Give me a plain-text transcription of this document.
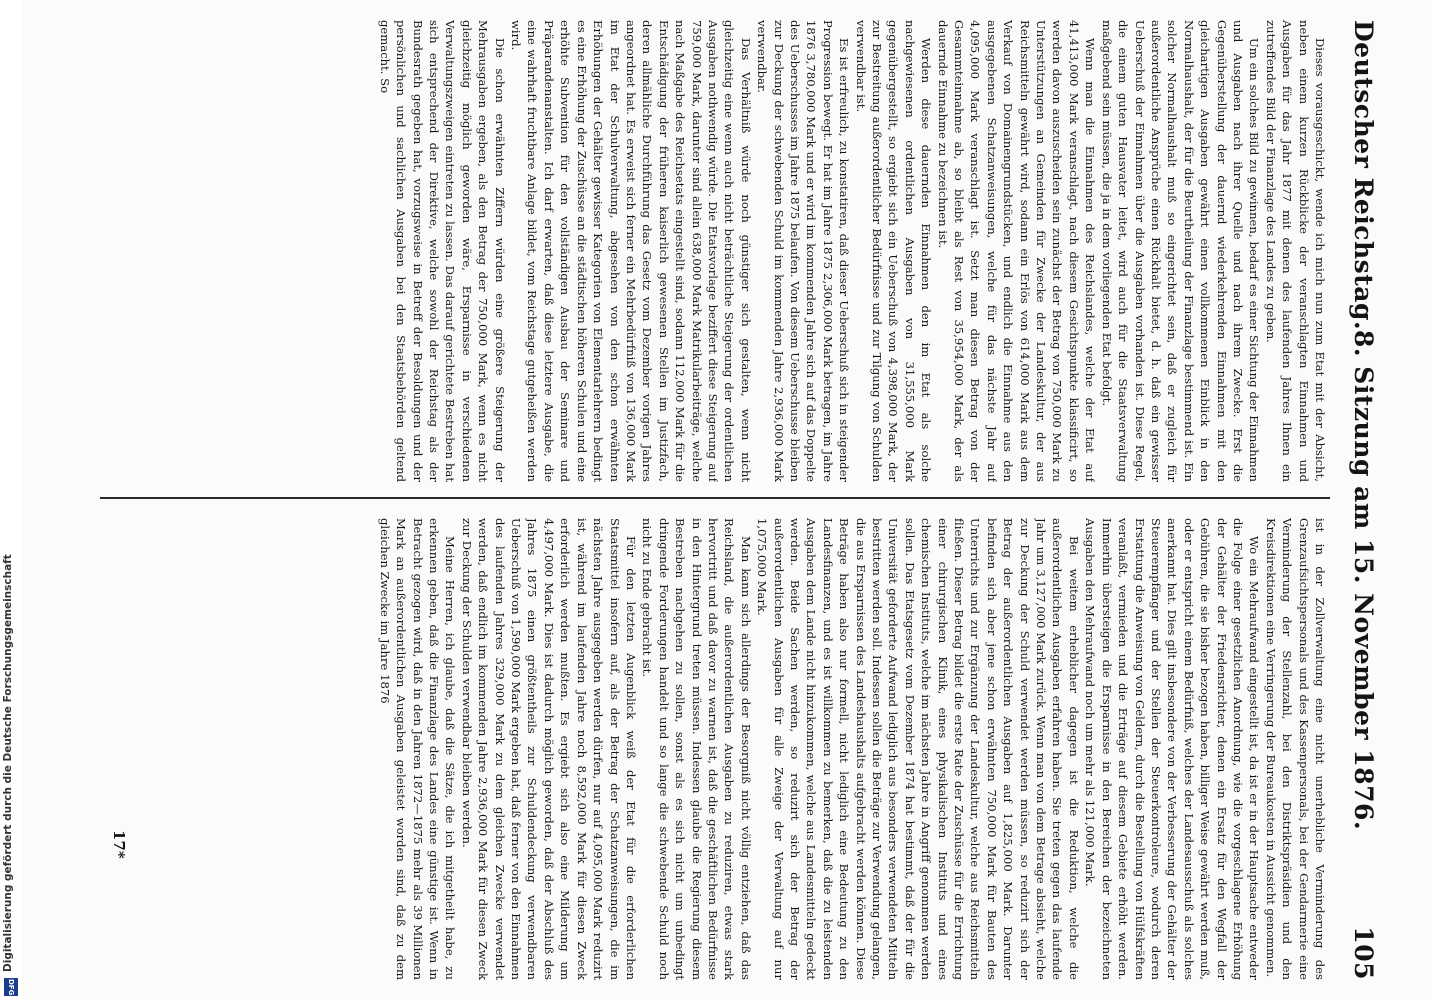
Digitalisierung gefördert durch die Deutsche Forschungsgemeinschaft
DFG
Deutscher Reichstag.
8. Sitzung am 15. November 1876.
105

Dieses vorausgeschickt, wende ich mich nun zum Etat mit der Absicht, neben einem kurzen Rückblicke der veranschlagten Einnahmen und Ausgaben für das Jahr 1877 mit denen des laufenden Jahres Ihnen ein zutreffendes Bild der Finanzlage des Landes zu geben.

Um ein solches Bild zu gewinnen, bedarf es einer Sichtung der Einnahmen und Ausgaben nach ihrer Quelle und nach ihrem Zwecke. Erst die Gegenüberstellung der dauernd wiederkehrenden Einnahmen mit den gleichartigen Ausgaben gewährt einen vollkommenen Einblick in den Normalhaushalt, der für die Beurtheilung der Finanzlage bestimmend ist. Ein solcher Normalhaushalt muß so eingerichtet sein, daß er zugleich für außerordentliche Ansprüche einen Rückhalt bietet, d. h. daß ein gewisser Ueberschuß der Einnahmen über die Ausgaben vorhanden ist. Diese Regel, die einem guten Hausvater leitet, wird auch für die Staatsverwaltung maßgebend sein müssen, die ja in dem vorliegenden Etat befolgt.

Wenn man die Einnahmen des Reichslandes, welche der Etat auf 41,413,000 Mark veranschlagt, nach diesem Gesichtspunkte klassificirt, so werden davon auszuscheiden sein zunächst der Betrag von 750,000 Mark zu Unterstützungen an Gemeinden für Zwecke der Landeskultur, der aus Reichsmitteln gewährt wird, sodann ein Erlös von 614,000 Mark aus dem Verkauf von Domainengrundstücken, und endlich die Einnahme aus den ausgegebenen Schatzanweisungen, welche für das nächste Jahr auf 4,095,000 Mark veranschlagt ist. Setzt man diesen Betrag von der Gesammteinnahme ab, so bleibt als Rest von 35,954,000 Mark, der als dauernde Einnahme zu bezeichnen ist.

Werden diese dauernden Einnahmen den im Etat als solche nachgewiesenen ordentlichen Ausgaben von 31,555,000 Mark gegenübergestellt, so ergiebt sich ein Ueberschuß von 4,398,000 Mark, der zur Bestreitung außerordentlicher Bedürfnisse und zur Tilgung von Schulden verwendbar ist.

Es ist erfreulich, zu konstatiren, daß dieser Ueberschuß sich in steigender Progression bewegt. Er hat im Jahre 1875 2,306,000 Mark betragen, im Jahre 1876 3,780,000 Mark und er wird im kommenden Jahre sich auf das Doppelte des Ueberschusses im Jahre 1875 belaufen. Von diesem Ueberschusse bleiben zur Deckung der schwebenden Schuld im kommenden Jahre 2,936,000 Mark verwendbar.

Das Verhältniß würde noch günstiger sich gestalten, wenn nicht gleichzeitig eine wenn auch nicht beträchtliche Steigerung der ordentlichen Ausgaben nothwendig würde. Die Etatsvorlage beziffert diese Steigerung auf 759,000 Mark, darunter sind allein 638,000 Mark Matrikularbeiträge, welche nach Maßgabe des Reichsetats eingestellt sind, sodann 112,000 Mark für die Entschädigung der früheren kaiserlich gewesenen Stellen im Justizfach, deren allmähliche Durchführung das Gesetz vom Dezember vorigen Jahres angeordnet hat. Es erweist sich ferner ein Mehrbedürfniß von 136,000 Mark im Etat der Schulverwaltung, abgesehen von den schon erwähnten Erhöhungen der Gehälter gewisser Kategorien von Elementarlehrern bedingt es eine Erhöhung der Zuschüsse an die städtischen höheren Schulen und eine erhöhte Subvention für den vollständigen Ausbau der Seminare und Präparandenanstalten. Ich darf erwarten, daß diese letztere Ausgabe, die eine wahrhaft fruchtbare Anlage bildet, vom Reichstage gutgeheißen werden wird.

Die schon erwähnten Ziffern würden eine größere Steigerung der Mehrausgaben ergeben, als den Betrag der 750,000 Mark, wenn es nicht gleichzeitig möglich geworden wäre, Ersparnisse in verschiedenen Verwaltungszweigen eintreten zu lassen. Das darauf gerichtete Bestreben hat sich entsprechend der Direktive, welche sowohl der Reichstag als der Bundesrath gegeben hat, vorzugsweise in Betreff der Besoldungen und der persönlichen und sachlichen Ausgaben bei den Staatsbehörden geltend gemacht. So

ist in der Zollverwaltung eine nicht unerhebliche Verminderung des Grenzaufsichtspersonals und des Kassenpersonals, bei der Gendarmerie eine Verminderung der Stellenzahl, bei den Distriktspräsidien und den Kreisdirektionen eine Verringerung der Bureaukosten in Aussicht genommen.

Wo ein Mehraufwand eingestellt ist, da ist er in der Hauptsache entweder die Folge einer gesetzlichen Anordnung, wie die vorgeschlagene Erhöhung der Gehälter der Friedensrichter, denen ein Ersatz für den Wegfall der Gebühren, die sie bisher bezogen haben, billiger Weise gewährt werden muß, oder er entspricht einem Bedürfniß, welches der Landesausschuß als solches anerkannt hat. Dies gilt insbesondere von der Verbesserung der Gehälter der Steuerempfänger und der Stellen der Steuerkontroleure, wodurch deren Erstattung die Anweisung von Geldern, durch die Bestellung von Hülfskräften veranlaßt, vermieden und die Erträge auf diesem Gebiete erhöht werden. Immerhin übersteigen die Ersparnisse in den Bereichen der bezeichneten Ausgaben den Mehraufwand noch um mehr als 121,000 Mark.

Bei weitem erheblicher dagegen ist die Reduktion, welche die außerordentlichen Ausgaben erfahren haben. Sie treten gegen das laufende Jahr um 3,127,000 Mark zurück. Wenn man von dem Betrage absieht, welche zur Deckung der Schuld verwendet werden müssen, so reduzirt sich der Betrag der außerordentlichen Ausgaben auf 1,825,000 Mark. Darunter befinden sich aber jene schon erwähnten 750,000 Mark für Bauten des Unterrichts und zur Ergänzung der Landeskultur, welche aus Reichsmitteln fließen. Dieser Betrag bildet die erste Rate der Zuschüsse für die Errichtung einer chirurgischen Klinik, eines physikalischen Instituts und eines chemischen Instituts, welche im nächsten Jahre in Angriff genommen werden sollen. Das Etatsgesetz vom Dezember 1874 hat bestimmt, daß der für die Universität geforderte Aufwand lediglich aus besonders verwendeten Mitteln bestritten werden soll. Indessen sollen die Beträge zur Verwendung gelangen, die aus Ersparnissen des Landeshaushalts aufgebracht werden können. Diese Beträge haben also nur formell, nicht lediglich eine Bedeutung zu den Landesfinanzen, und es ist willkommen zu bemerken, daß die zu leistenden Ausgaben dem Lande nicht hinzukommen, welche aus Landesmitteln gedeckt werden. Beide Sachen werden, so reduzirt sich der Betrag der außerordentlichen Ausgaben für alle Zweige der Verwaltung auf nur 1,075,000 Mark.

Man kann sich allerdings der Besorgniß nicht völlig entziehen, daß das Reichsland, die außerordentlichen Ausgaben zu reduziren, etwas stark hervortritt und daß davor zu warnen ist, daß die geschäftlichen Bedürfnisse in den Hintergrund treten müssen. Indessen glaube die Regierung diesem Bestreben nachgehen zu sollen, sonst als es sich nicht um unbedingt dringende Forderungen handelt und so lange die schwebende Schuld noch nicht zu Ende gebracht ist.

Für den letzten Augenblick weiß der Etat für die erforderlichen Staatsmittel insofern auf, als der Betrag der Schatzanweisungen, die im nächsten Jahre ausgegeben werden dürfen, nur auf 4,095,000 Mark reduzirt ist, während im laufenden Jahre noch 8,592,000 Mark für diesen Zweck erforderlich werden mußten. Es ergiebt sich also eine Milderung um 4,497,000 Mark. Dies ist dadurch möglich geworden, daß der Abschluß des Jahres 1875 einen größtentheils zur Schuldendeckung verwendbaren Ueberschuß von 1,590,000 Mark ergeben hat, daß ferner von den Einnahmen des laufenden Jahres 329,000 Mark zu dem gleichen Zwecke verwendet werden, daß endlich im kommenden Jahre 2,936,000 Mark für diesen Zweck zur Deckung der Schulden verwendbar bleiben werden.

Meine Herren, ich glaube, daß die Sätze, die ich mitgetheilt habe, zu erkennen geben, daß die Finanzlage des Landes eine günstige ist. Wenn in Betracht gezogen wird, daß in den Jahren 1872—1875 mehr als 39 Millionen Mark an außerordentlichen Ausgaben geleistet worden sind, daß zu dem gleichen Zwecke im Jahre 1876

17*
